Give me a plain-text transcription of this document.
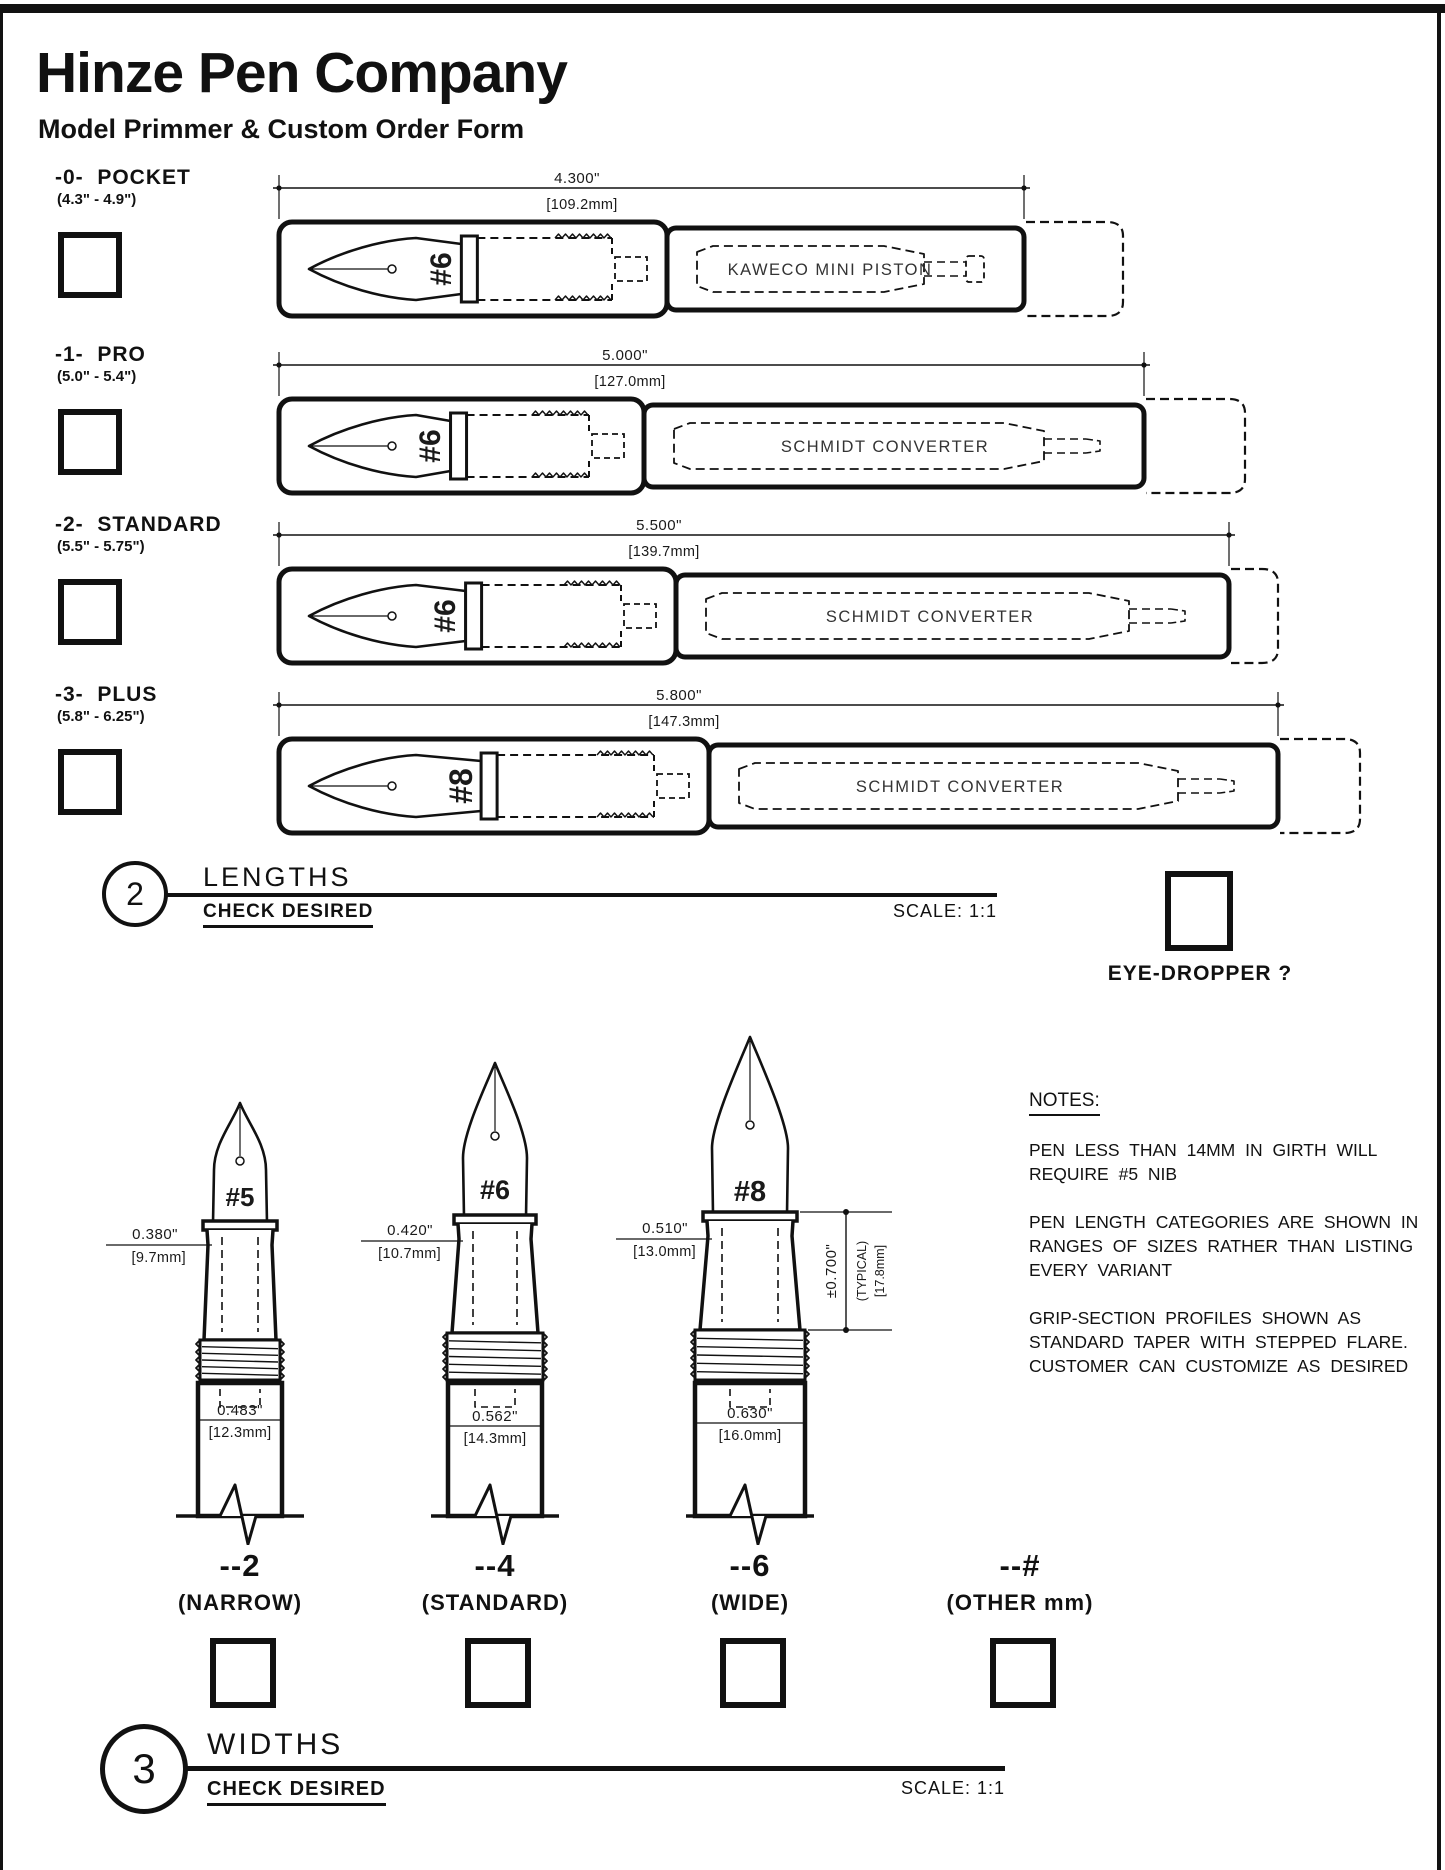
Hinze Pen Company
Model Primmer & Custom Order Form
-0- POCKET
(4.3" - 4.9")
4.300"
[109.2mm]
#6	KAWECO MINI PISTON
-1- PRO
(5.0" - 5.4")
5.000"
[127.0mm]
#6	SCHMIDT CONVERTER
-2- STANDARD
(5.5" - 5.75")
5.500"
[139.7mm]
#6	SCHMIDT CONVERTER
-3- PLUS
(5.8" - 6.25")
5.800"
[147.3mm]
#8	SCHMIDT CONVERTER
2 LENGTHS
CHECK DESIRED	SCALE: 1:1
EYE-DROPPER ?
NOTES:

PEN LESS THAN 14MM IN GIRTH WILL REQUIRE #5 NIB

PEN LENGTH CATEGORIES ARE SHOWN IN RANGES OF SIZES RATHER THAN LISTING EVERY VARIANT

GRIP-SECTION PROFILES SHOWN AS STANDARD TAPER WITH STEPPED FLARE. CUSTOMER CAN CUSTOMIZE AS DESIRED

#5
0.380"
[9.7mm]
0.483"
[12.3mm]
#6
0.420"
[10.7mm]
0.562"
[14.3mm]
#8
0.510"
[13.0mm]
0.630"
[16.0mm]
±0.700" (TYPICAL) [17.8mm]
--2
(NARROW)
--4
(STANDARD)
--6
(WIDE)
--#
(OTHER mm)
3
WIDTHS
CHECK DESIRED	SCALE: 1:1
